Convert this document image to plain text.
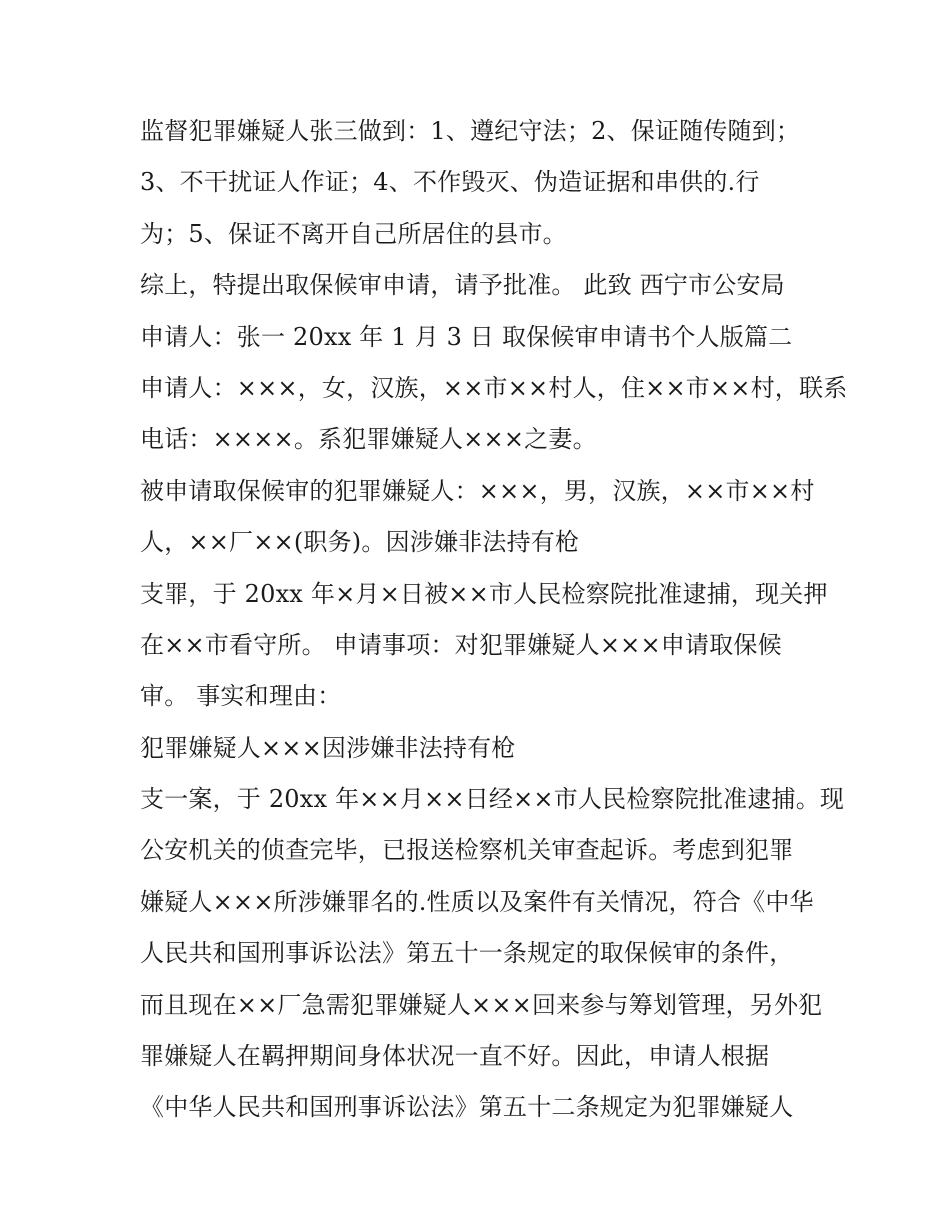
监督犯罪嫌疑人张三做到：1、遵纪守法；2、保证随传随到；
3、不干扰证人作证；4、不作毁灭、伪造证据和串供的.行
为；5、保证不离开自己所居住的县市。
综上，特提出取保候审申请，请予批准。 此致 西宁市公安局
申请人：张一 20xx 年 1 月 3 日 取保候审申请书个人版篇二
申请人：×××，女，汉族，××市××村人，住××市××村，联系
电话：××××。系犯罪嫌疑人×××之妻。
被申请取保候审的犯罪嫌疑人：×××，男，汉族，××市××村
人，××厂××(职务)。因涉嫌非法持有枪
支罪，于 20xx 年×月×日被××市人民检察院批准逮捕，现关押
在××市看守所。 申请事项：对犯罪嫌疑人×××申请取保候
审。 事实和理由：
犯罪嫌疑人×××因涉嫌非法持有枪
支一案，于 20xx 年××月××日经××市人民检察院批准逮捕。现
公安机关的侦查完毕，已报送检察机关审查起诉。考虑到犯罪
嫌疑人×××所涉嫌罪名的.性质以及案件有关情况，符合《中华
人民共和国刑事诉讼法》第五十一条规定的取保候审的条件，
而且现在××厂急需犯罪嫌疑人×××回来参与筹划管理，另外犯
罪嫌疑人在羁押期间身体状况一直不好。因此，申请人根据
《中华人民共和国刑事诉讼法》第五十二条规定为犯罪嫌疑人
